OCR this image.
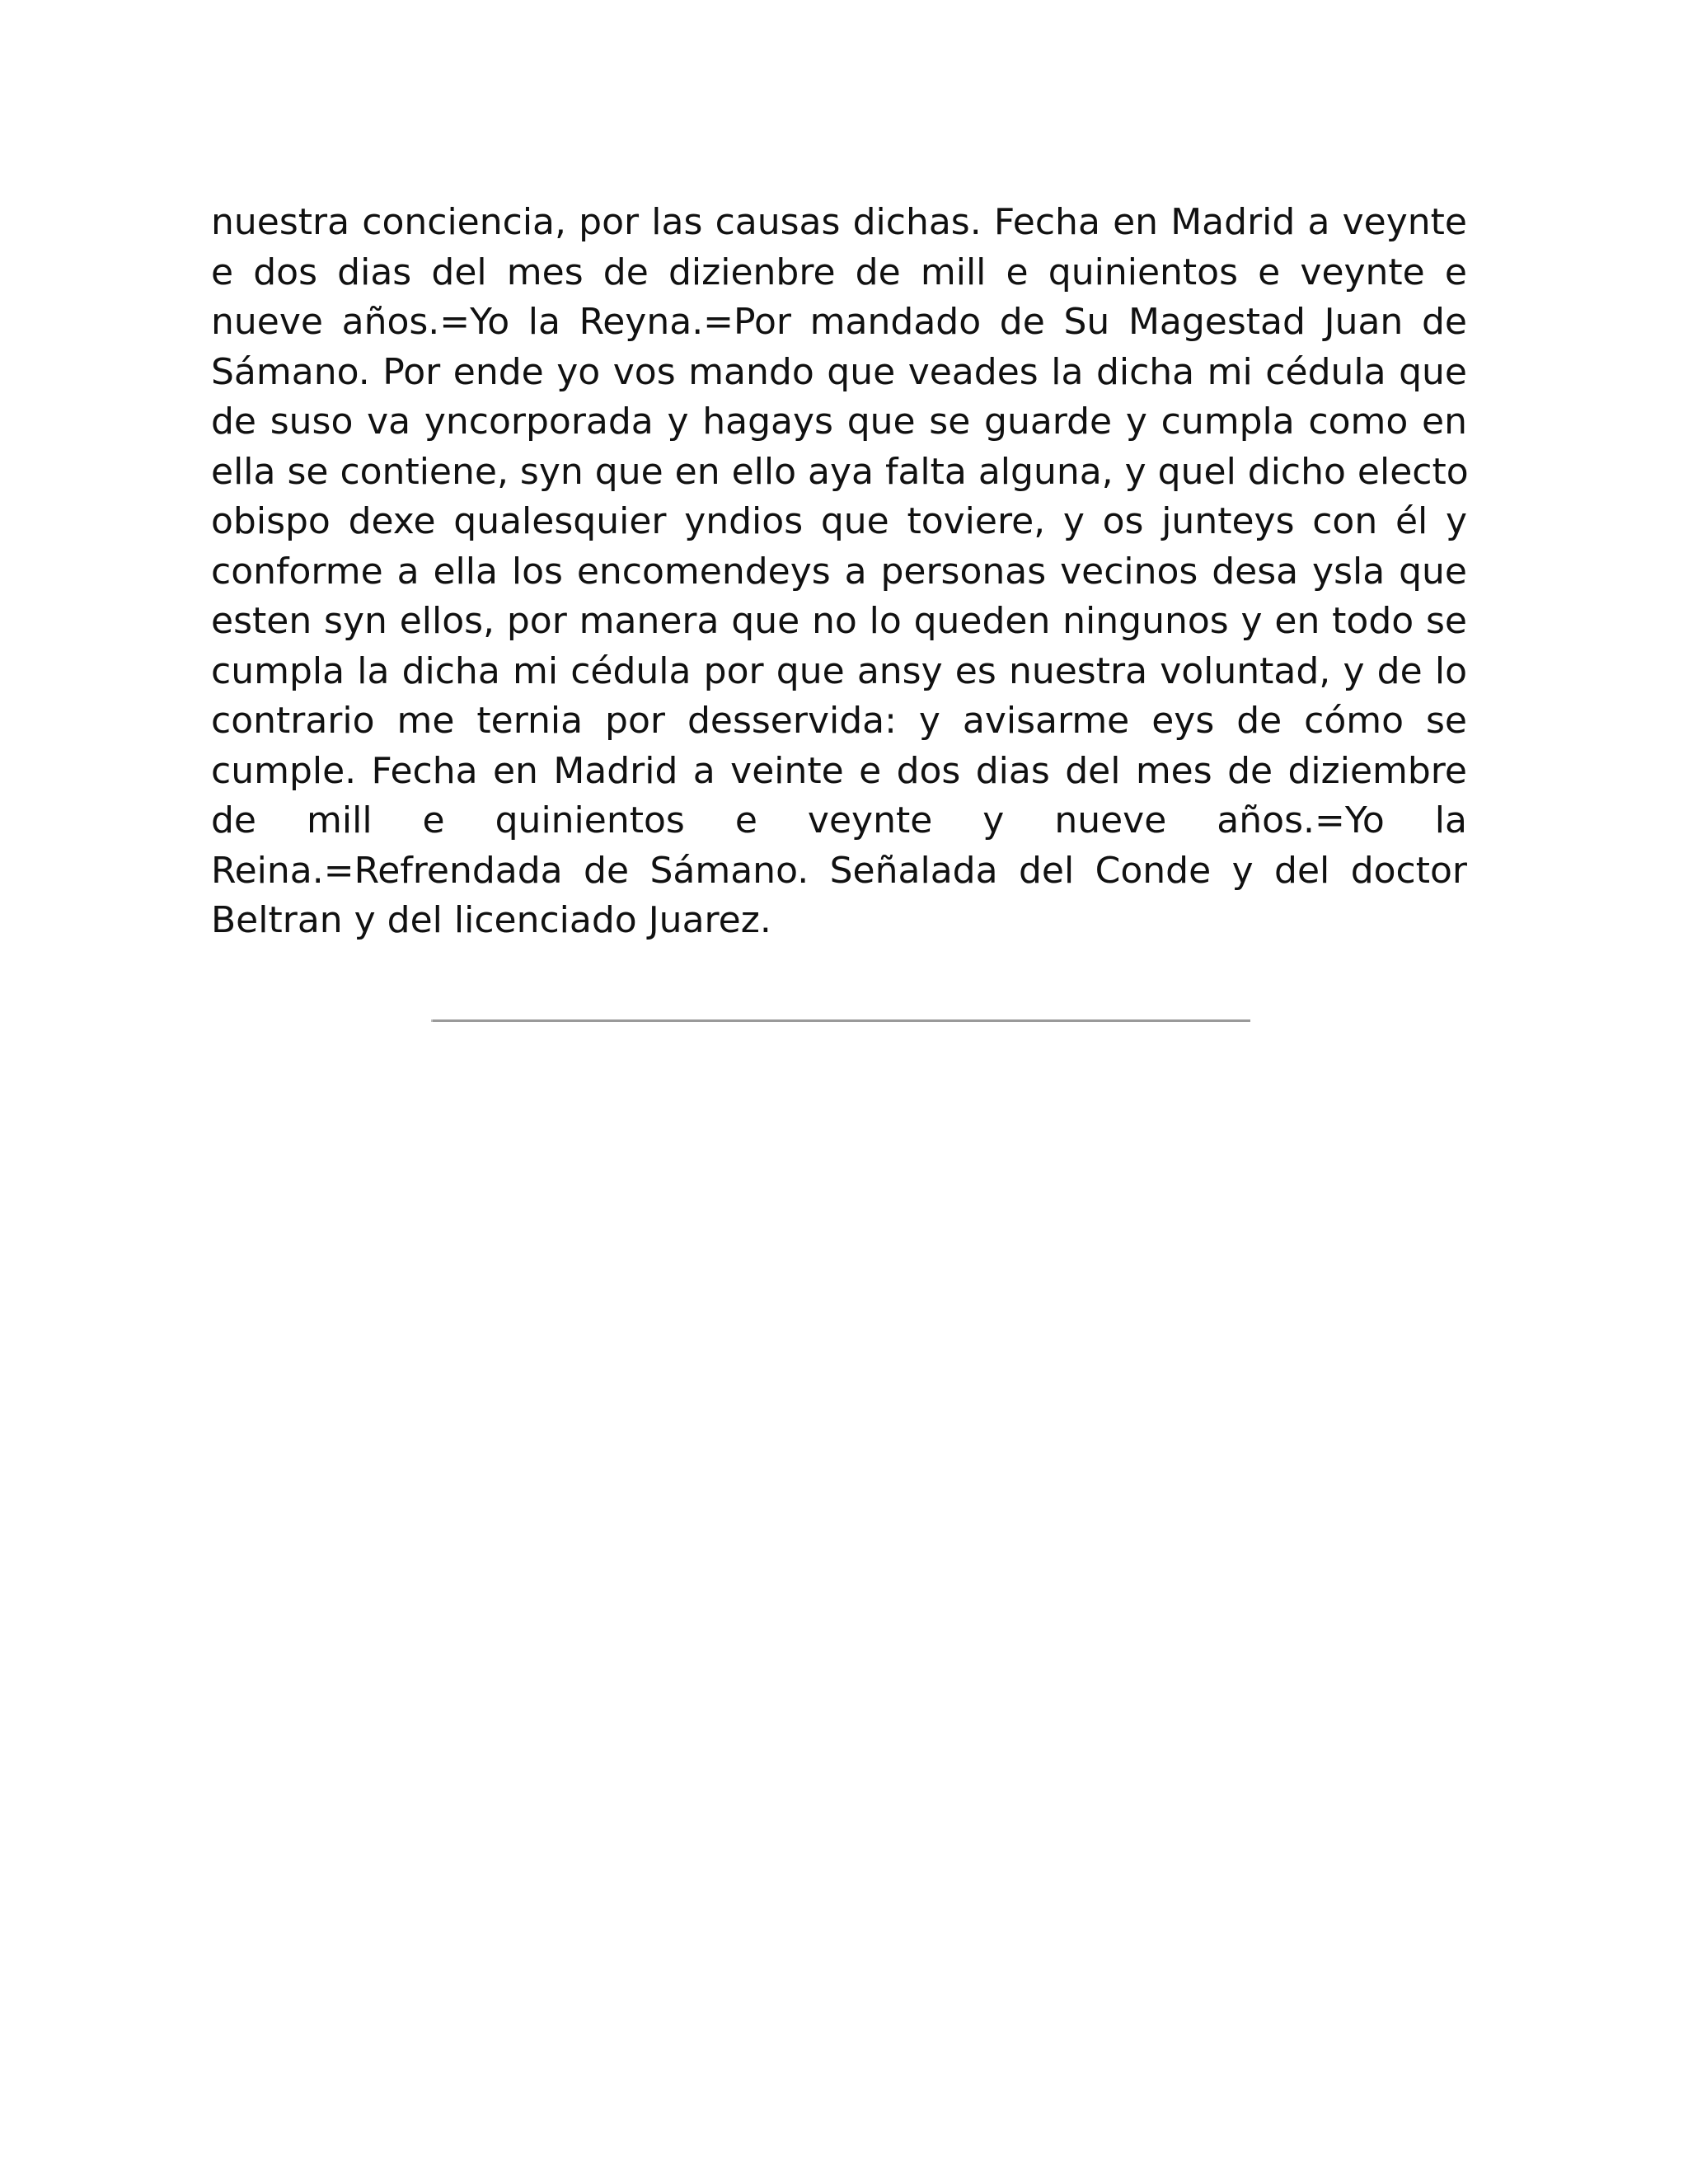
nuestra conciencia, por las causas dichas. Fecha en Madrid a veynte
e dos dias del mes de dizienbre de mill e quinientos e veynte e
nueve años.=Yo la Reyna.=Por mandado de Su Magestad Juan de
Sámano. Por ende yo vos mando que veades la dicha mi cédula que
de suso va yncorporada y hagays que se guarde y cumpla como en
ella se contiene, syn que en ello aya falta alguna, y quel dicho electo
obispo dexe qualesquier yndios que toviere, y os junteys con él y
conforme a ella los encomendeys a personas vecinos desa ysla que
esten syn ellos, por manera que no lo queden ningunos y en todo se
cumpla la dicha mi cédula por que ansy es nuestra voluntad, y de lo
contrario me ternia por desservida: y avisarme eys de cómo se
cumple. Fecha en Madrid a veinte e dos dias del mes de diziembre
de mill e quinientos e veynte y nueve años.=Yo la
Reina.=Refrendada de Sámano. Señalada del Conde y del doctor
Beltran y del licenciado Juarez.
